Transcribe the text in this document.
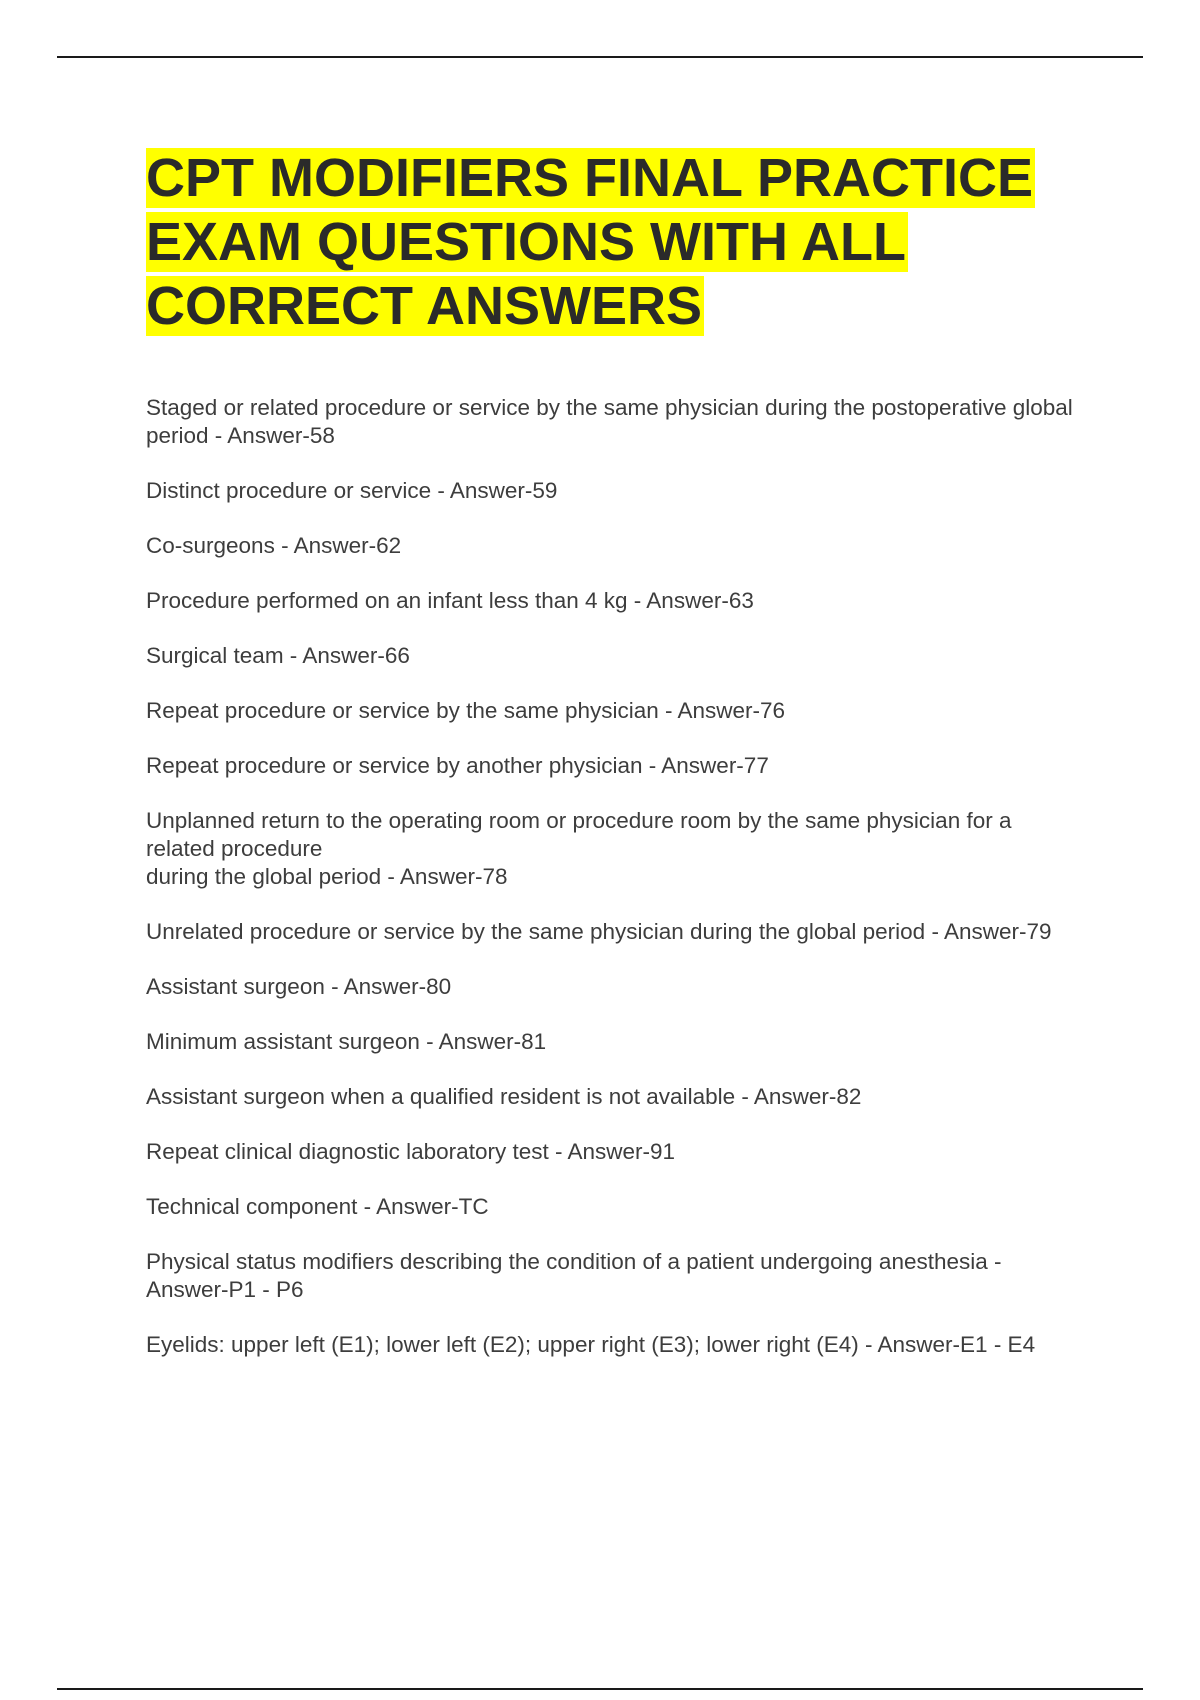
CPT MODIFIERS FINAL PRACTICE EXAM QUESTIONS WITH ALL CORRECT ANSWERS
Staged or related procedure or service by the same physician during the postoperative global period - Answer-58
Distinct procedure or service - Answer-59
Co-surgeons - Answer-62
Procedure performed on an infant less than 4 kg - Answer-63
Surgical team - Answer-66
Repeat procedure or service by the same physician - Answer-76
Repeat procedure or service by another physician - Answer-77
Unplanned return to the operating room or procedure room by the same physician for a related procedure
during the global period - Answer-78
Unrelated procedure or service by the same physician during the global period - Answer-79
Assistant surgeon - Answer-80
Minimum assistant surgeon - Answer-81
Assistant surgeon when a qualified resident is not available - Answer-82
Repeat clinical diagnostic laboratory test - Answer-91
Technical component - Answer-TC
Physical status modifiers describing the condition of a patient undergoing anesthesia - Answer-P1 - P6
Eyelids: upper left (E1); lower left (E2); upper right (E3); lower right (E4) - Answer-E1 - E4
